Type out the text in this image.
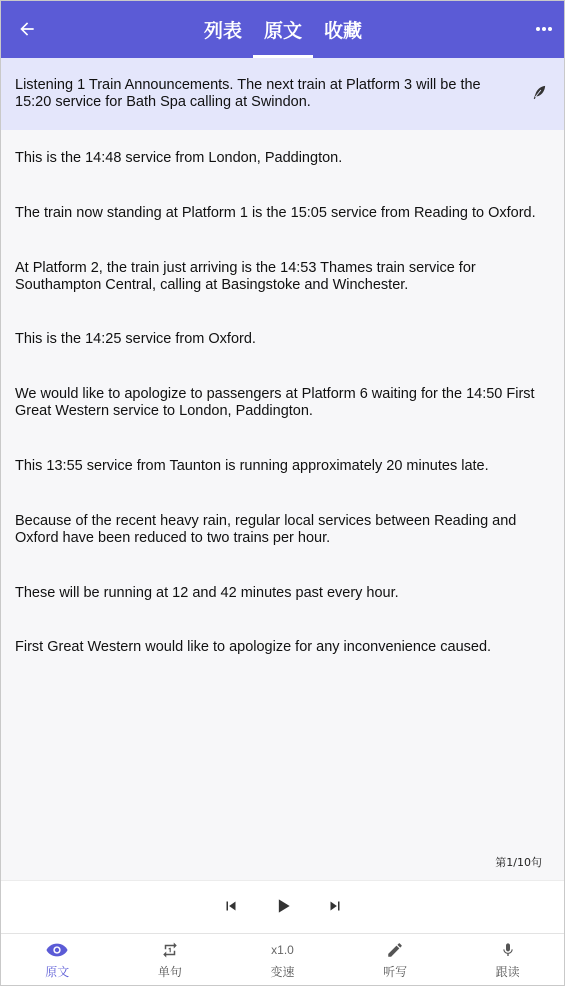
列表	原文	收藏
Listening 1 Train Announcements. The next train at Platform 3 will be the 15:20 service for Bath Spa calling at Swindon.
This is the 14:48 service from London, Paddington.
The train now standing at Platform 1 is the 15:05 service from Reading to Oxford.
At Platform 2, the train just arriving is the 14:53 Thames train service for Southampton Central, calling at Basingstoke and Winchester.
This is the 14:25 service from Oxford.
We would like to apologize to passengers at Platform 6 waiting for the 14:50 First Great Western service to London, Paddington.
This 13:55 service from Taunton is running approximately 20 minutes late.
Because of the recent heavy rain, regular local services between Reading and Oxford have been reduced to two trains per hour.
These will be running at 12 and 42 minutes past every hour.
First Great Western would like to apologize for any inconvenience caused.
第1/10句
原文	单句
x1.0
变速	听写	跟读
